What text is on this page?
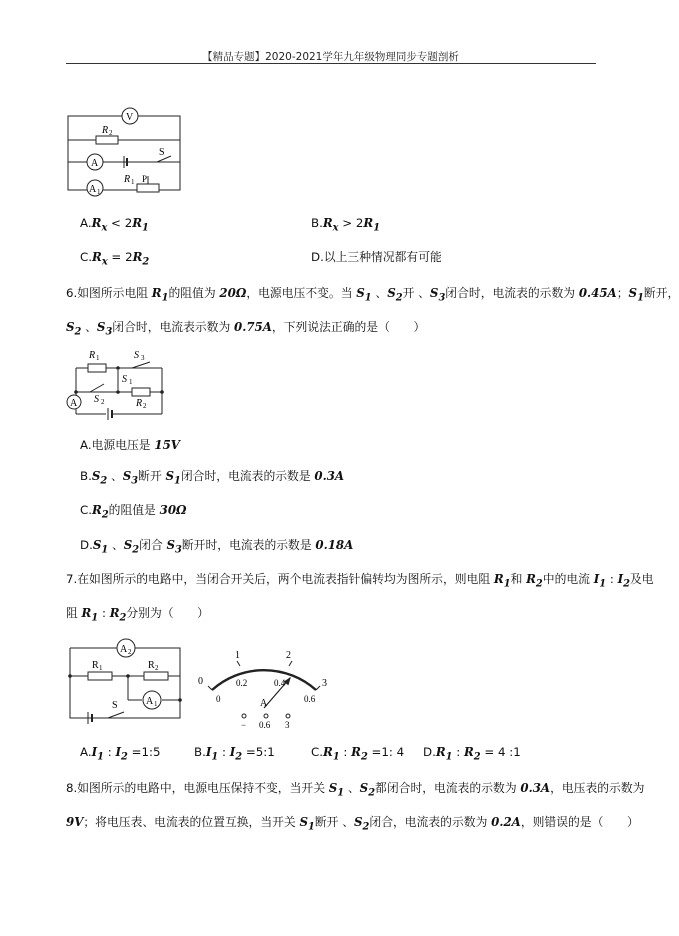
【精品专题】2020-2021学年九年级物理同步专题剖析
V
A
A 1
R 2
S
R 1 P
$A.R_x < 2R_1$	$B.R_x > 2R_1$
$C.R_x = 2R_2$	D.以上三种情况都有可能
6.如图所示电阻 $R_1$的阻值为 20Ω，电源电压不变。当 $S_1$ 、$S_2$开 、$S_3$闭合时，电流表的示数为 0.45A；$S_1$断开，
$S_2$ 、$S_3$闭合时，电流表示数为 0.75A，下列说法正确的是（　　）
A
R 1	S 3
S 1
S 2	R 2
A.电源电压是 15V
$B.S_2$ 、$S_3$断开 $S_1$闭合时，电流表的示数是 0.3A
$C.R_2$的阻值是 30Ω
$D.S_1$ 、$S_2$闭合 $S_3$断开时，电流表的示数是 0.18A
7.在如图所示的电路中，当闭合开关后，两个电流表指针偏转均为图所示，则电阻 $R_1$和 $R_2$中的电流 $I_1$ : $I_2$及电
阻 $R_1$ : $R_2$分别为（　　）
A 2
R 1	R 2
S	A 1
0
1	2
3
0
0.2	0.4
0.6
A
− 0.6 3
$A.I_1$ : $I_2$ =1:5	$B.I_1$ : $I_2$ =5:1	$C.R_1$ : $R_2 =1$: 4 $D.R_1$ : $R_2 = 4$ :1
8.如图所示的电路中，电源电压保持不变，当开关 $S_1$ 、$S_2$都闭合时，电流表的示数为 0.3A，电压表的示数为
9V；将电压表、电流表的位置互换，当开关 $S_1$断开 、$S_2$闭合，电流表的示数为 0.2A，则错误的是（　　）
